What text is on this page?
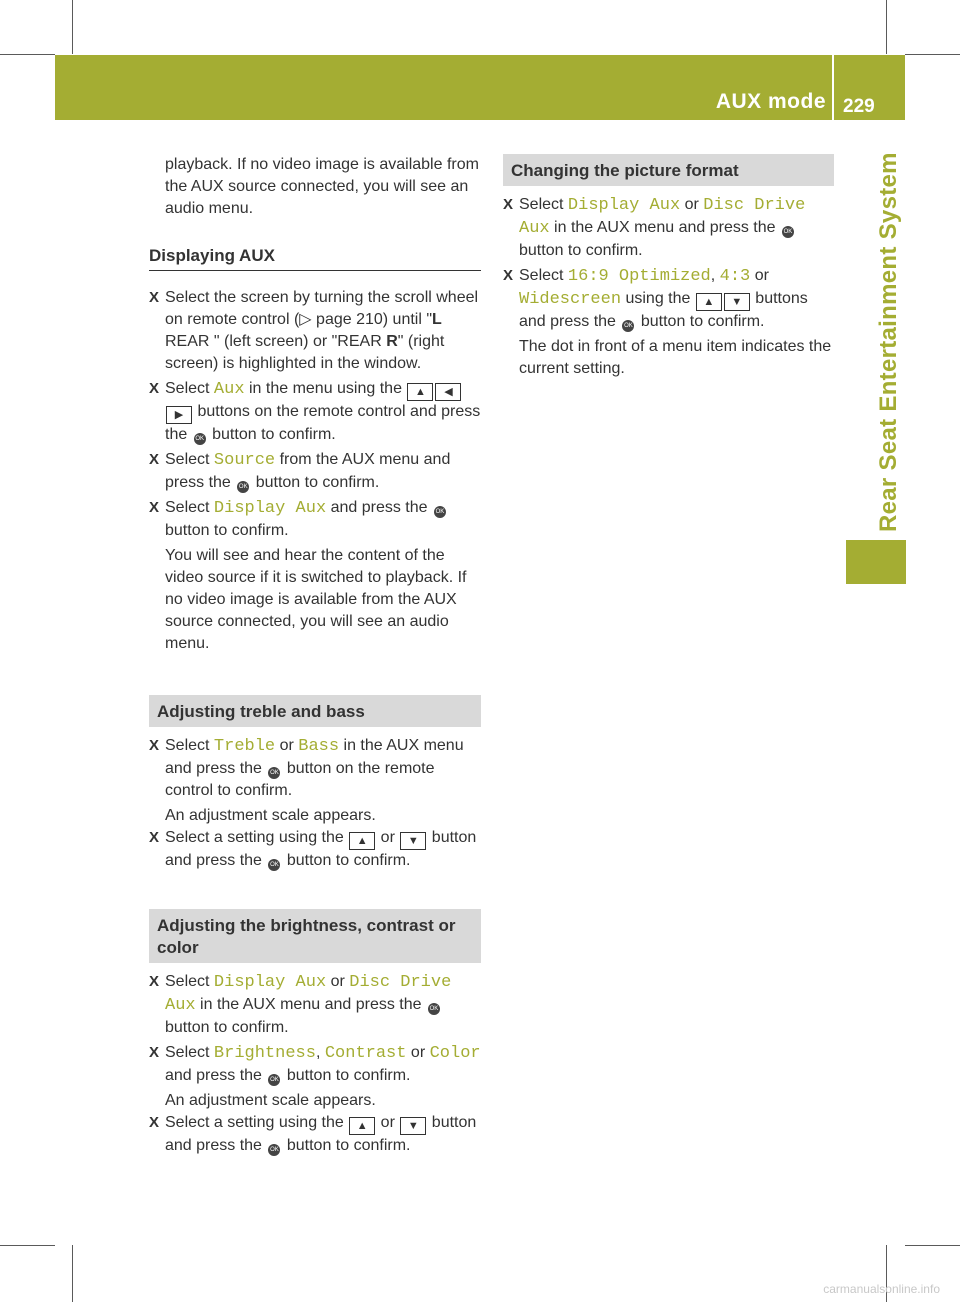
AUX mode 229
Rear Seat Entertainment System

playback. If no video image is available from the AUX source connected, you will see an audio menu.

Displaying AUX
X Select the screen by turning the scroll wheel on remote control (▷ page 210) until "L REAR " (left screen) or "REAR R" (right screen) is highlighted in the window.
X Select Aux in the menu using the ▲ ◀▶ buttons on the remote control and press the OK button to confirm.
X Select Source from the AUX menu and press the OK button to confirm.
X Select Display Aux and press the OK button to confirm.

You will see and hear the content of the video source if it is switched to playback. If no video image is available from the AUX source connected, you will see an audio menu.

Adjusting treble and bass
X Select Treble or Bass in the AUX menu and press the OK button on the remote control to confirm.

An adjustment scale appears.

X Select a setting using the ▲ or ▼ button and press the OK button to confirm.
Adjusting the brightness, contrast or color
X Select Display Aux or Disc Drive Aux in the AUX menu and press the OK button to confirm.
X Select Brightness, Contrast or Color and press the OK button to confirm.

An adjustment scale appears.

X Select a setting using the ▲ or ▼ button and press the OK button to confirm.
Changing the picture format
X Select Display Aux or Disc Drive Aux in the AUX menu and press the OK button to confirm.
X Select 16:9 Optimized, 4:3 or Widescreen using the ▲ ▼ buttons and press the OK button to confirm.

The dot in front of a menu item indicates the current setting.

carmanualsonline.info
